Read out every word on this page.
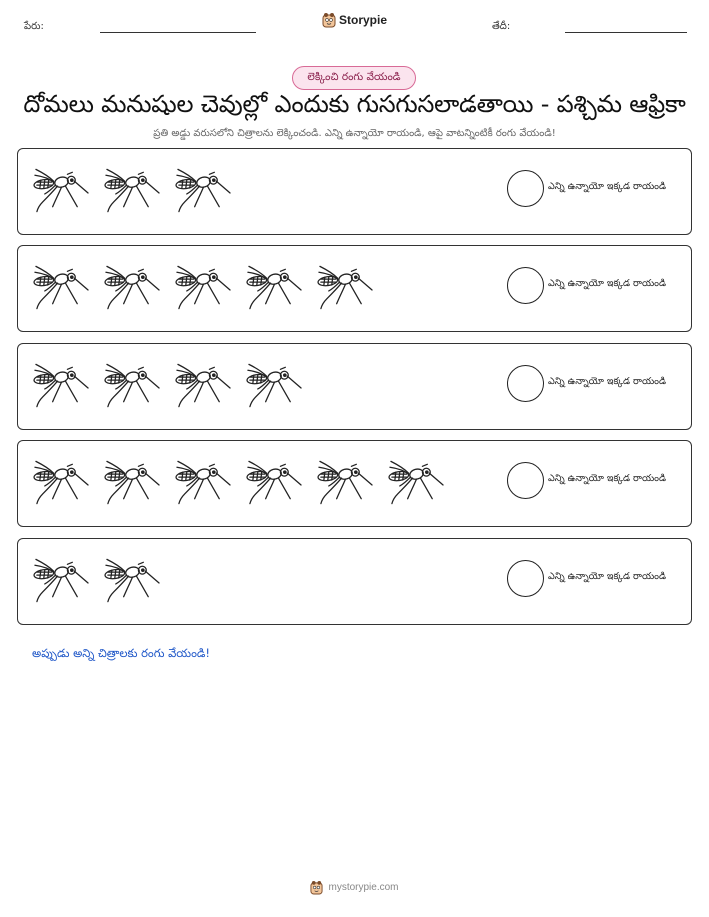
పేరు:	Storypie	తేదీ:
లెక్కించి రంగు వేయండి
దోమలు మనుషుల చెవుల్లో ఎందుకు గుసగుసలాడతాయి - పశ్చిమ ఆఫ్రికా
ప్రతి అడ్డు వరుసలోని చిత్రాలను లెక్కించండి. ఎన్ని ఉన్నాయో రాయండి, ఆపై వాటన్నింటికీ రంగు వేయండి!
ఎన్ని ఉన్నాయో ఇక్కడ రాయండి
ఎన్ని ఉన్నాయో ఇక్కడ రాయండి
ఎన్ని ఉన్నాయో ఇక్కడ రాయండి
ఎన్ని ఉన్నాయో ఇక్కడ రాయండి
ఎన్ని ఉన్నాయో ఇక్కడ రాయండి
అప్పుడు అన్ని చిత్రాలకు రంగు వేయండి!
mystorypie.com
